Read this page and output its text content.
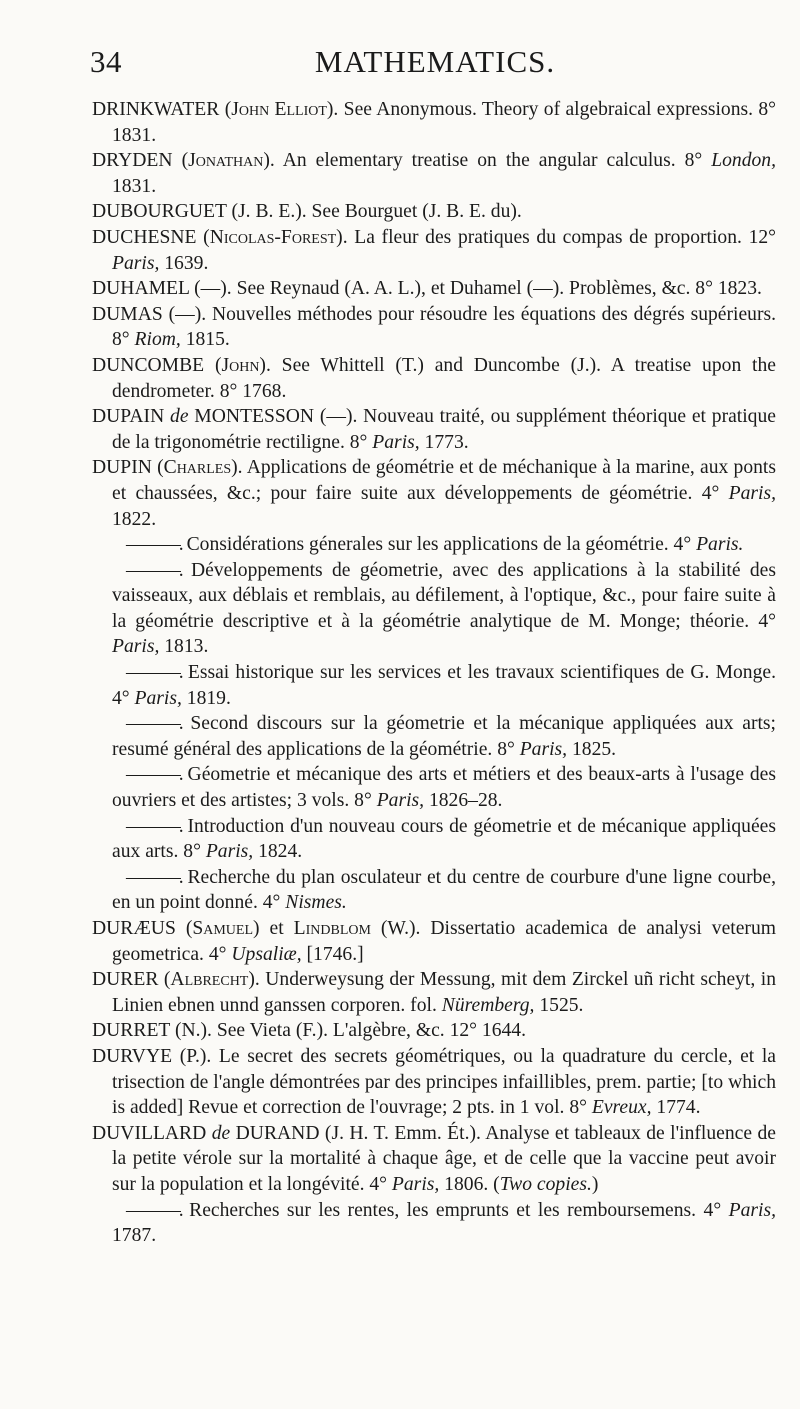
34	MATHEMATICS.

DRINKWATER (John Elliot). See Anonymous. Theory of algebraical expressions. 8° 1831.

DRYDEN (Jonathan). An elementary treatise on the angular calculus. 8° London, 1831.

DUBOURGUET (J. B. E.). See Bourguet (J. B. E. du).

DUCHESNE (Nicolas-Forest). La fleur des pratiques du compas de proportion. 12° Paris, 1639.

DUHAMEL (—). See Reynaud (A. A. L.), et Duhamel (—). Problèmes, &c. 8° 1823.

DUMAS (—). Nouvelles méthodes pour résoudre les équations des dégrés supérieurs. 8° Riom, 1815.

DUNCOMBE (John). See Whittell (T.) and Duncombe (J.). A treatise upon the dendrometer. 8° 1768.

DUPAIN de MONTESSON (—). Nouveau traité, ou supplément théorique et pratique de la trigonométrie rectiligne. 8° Paris, 1773.

DUPIN (Charles). Applications de géométrie et de méchanique à la marine, aux ponts et chaussées, &c.; pour faire suite aux développements de géométrie. 4° Paris, 1822.

———. Considérations génerales sur les applications de la géométrie. 4° Paris.

———. Développements de géometrie, avec des applications à la stabilité des vaisseaux, aux déblais et remblais, au défilement, à l'optique, &c., pour faire suite à la géométrie descriptive et à la géométrie analytique de M. Monge; théorie. 4° Paris, 1813.

———. Essai historique sur les services et les travaux scientifiques de G. Monge. 4° Paris, 1819.

———. Second discours sur la géometrie et la mécanique appliquées aux arts; resumé général des applications de la géométrie. 8° Paris, 1825.

———. Géometrie et mécanique des arts et métiers et des beaux-arts à l'usage des ouvriers et des artistes; 3 vols. 8° Paris, 1826–28.

———. Introduction d'un nouveau cours de géometrie et de mécanique appliquées aux arts. 8° Paris, 1824.

———. Recherche du plan osculateur et du centre de courbure d'une ligne courbe, en un point donné. 4° Nismes.

DURÆUS (Samuel) et Lindblom (W.). Dissertatio academica de analysi veterum geometrica. 4° Upsaliæ, [1746.]

DURER (Albrecht). Underweysung der Messung, mit dem Zirckel uñ richt scheyt, in Linien ebnen unnd ganssen corporen. fol. Nüremberg, 1525.

DURRET (N.). See Vieta (F.). L'algèbre, &c. 12° 1644.

DURVYE (P.). Le secret des secrets géométriques, ou la quadrature du cercle, et la trisection de l'angle démontrées par des principes infaillibles, prem. partie; [to which is added] Revue et correction de l'ouvrage; 2 pts. in 1 vol. 8° Evreux, 1774.

DUVILLARD de DURAND (J. H. T. Emm. Ét.). Analyse et tableaux de l'influence de la petite vérole sur la mortalité à chaque âge, et de celle que la vaccine peut avoir sur la population et la longévité. 4° Paris, 1806. (Two copies.)

———. Recherches sur les rentes, les emprunts et les remboursemens. 4° Paris, 1787.
